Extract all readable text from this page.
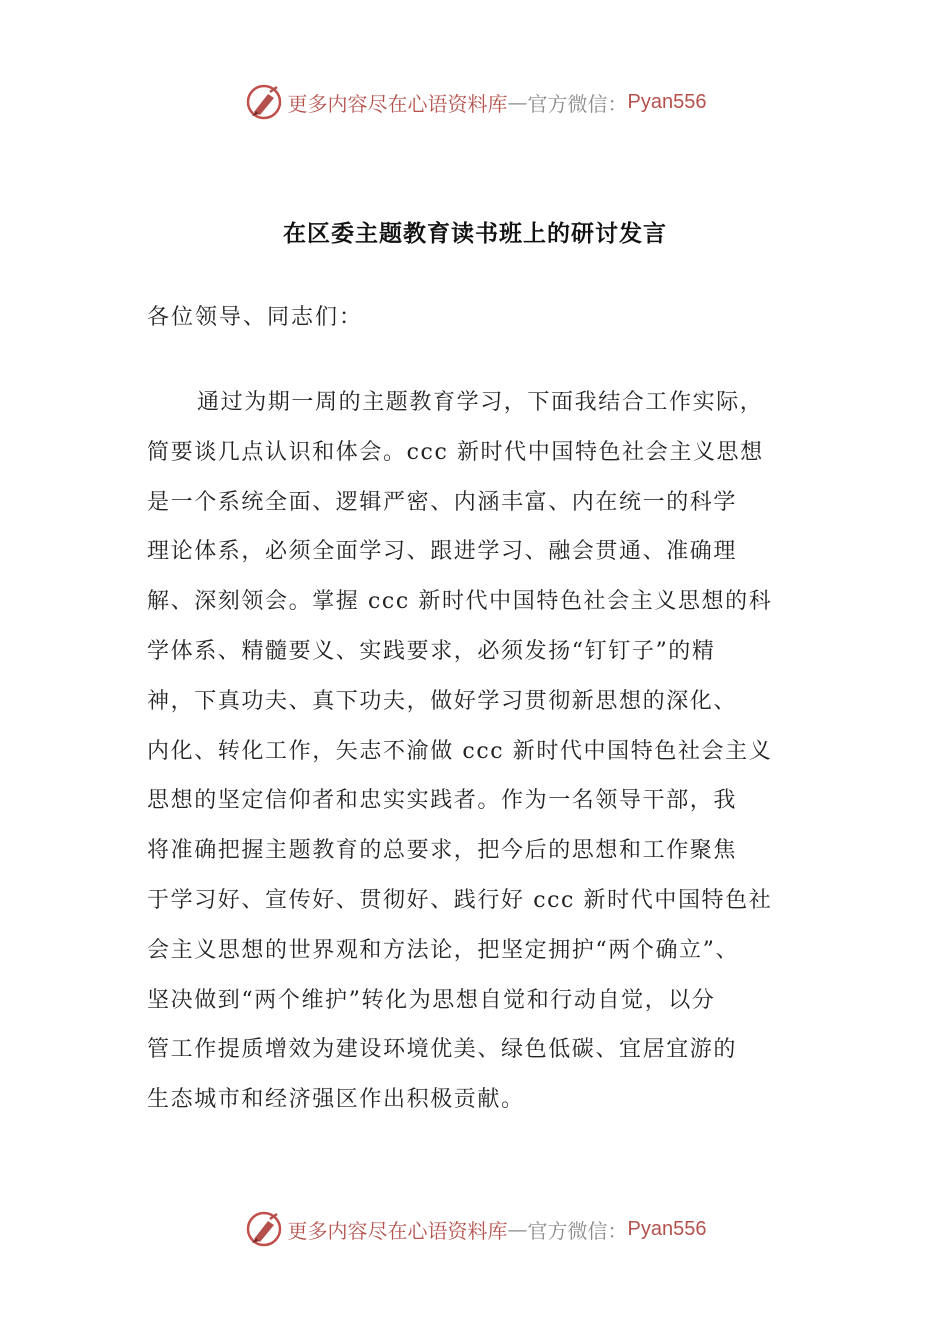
更多内容尽在心语资料库 — 官方微信： Pyan556
在区委主题教育读书班上的研讨发言
各位领导、同志们：
通过为期一周的主题教育学习，下面我结合工作实际，
简要谈几点认识和体会。ccc 新时代中国特色社会主义思想
是一个系统全面、逻辑严密、内涵丰富、内在统一的科学
理论体系，必须全面学习、跟进学习、融会贯通、准确理
解、深刻领会。掌握 ccc 新时代中国特色社会主义思想的科
学体系、精髓要义、实践要求，必须发扬“钉钉子”的精
神，下真功夫、真下功夫，做好学习贯彻新思想的深化、
内化、转化工作，矢志不渝做 ccc 新时代中国特色社会主义
思想的坚定信仰者和忠实实践者。作为一名领导干部，我
将准确把握主题教育的总要求，把今后的思想和工作聚焦
于学习好、宣传好、贯彻好、践行好 ccc 新时代中国特色社
会主义思想的世界观和方法论，把坚定拥护“两个确立”、
坚决做到“两个维护”转化为思想自觉和行动自觉，以分
管工作提质增效为建设环境优美、绿色低碳、宜居宜游的
生态城市和经济强区作出积极贡献。
更多内容尽在心语资料库 — 官方微信： Pyan556
